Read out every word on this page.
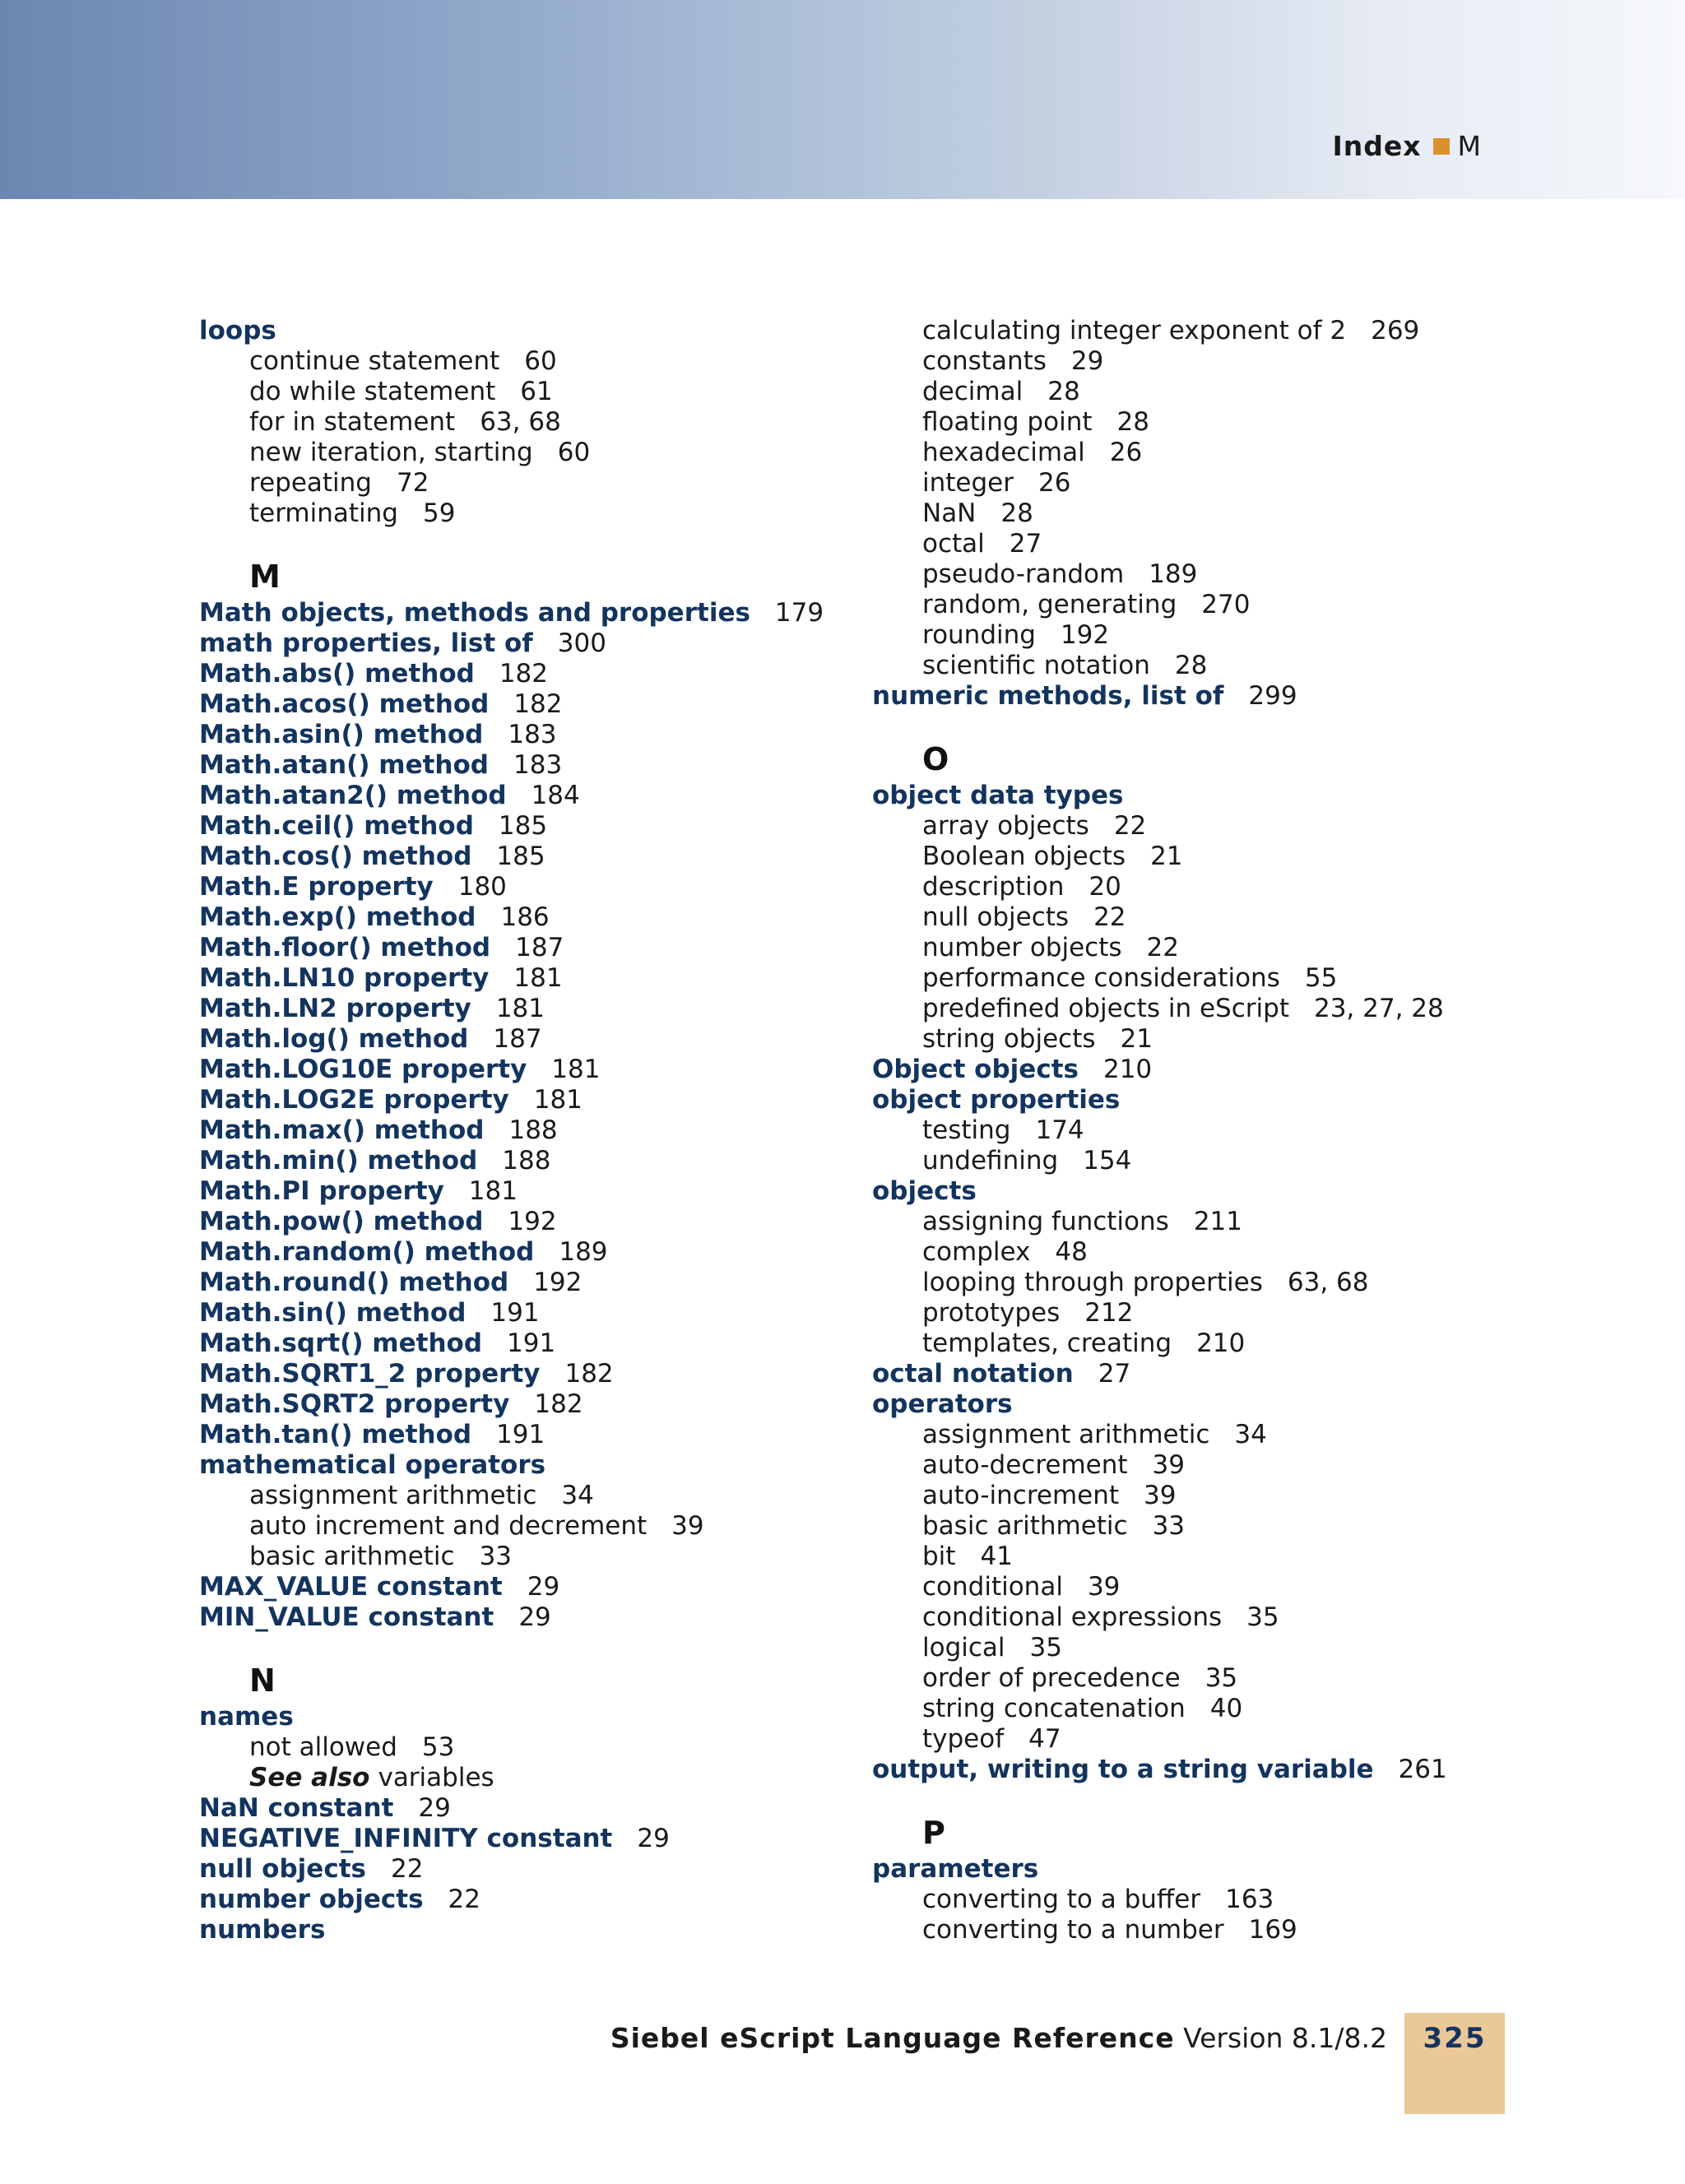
Index M
loops
continue statement 60
do while statement 61
for in statement 63, 68
new iteration, starting 60
repeating 72
terminating 59
M
Math objects, methods and properties 179
math properties, list of 300
Math.abs() method 182
Math.acos() method 182
Math.asin() method 183
Math.atan() method 183
Math.atan2() method 184
Math.ceil() method 185
Math.cos() method 185
Math.E property 180
Math.exp() method 186
Math.floor() method 187
Math.LN10 property 181
Math.LN2 property 181
Math.log() method 187
Math.LOG10E property 181
Math.LOG2E property 181
Math.max() method 188
Math.min() method 188
Math.PI property 181
Math.pow() method 192
Math.random() method 189
Math.round() method 192
Math.sin() method 191
Math.sqrt() method 191
Math.SQRT1_2 property 182
Math.SQRT2 property 182
Math.tan() method 191
mathematical operators
assignment arithmetic 34
auto increment and decrement 39
basic arithmetic 33
MAX_VALUE constant 29
MIN_VALUE constant 29
N
names
not allowed 53
See also variables
NaN constant 29
NEGATIVE_INFINITY constant 29
null objects 22
number objects 22
numbers
calculating integer exponent of 2 269
constants 29
decimal 28
floating point 28
hexadecimal 26
integer 26
NaN 28
octal 27
pseudo-random 189
random, generating 270
rounding 192
scientific notation 28
numeric methods, list of 299
O
object data types
array objects 22
Boolean objects 21
description 20
null objects 22
number objects 22
performance considerations 55
predefined objects in eScript 23, 27, 28
string objects 21
Object objects 210
object properties
testing 174
undefining 154
objects
assigning functions 211
complex 48
looping through properties 63, 68
prototypes 212
templates, creating 210
octal notation 27
operators
assignment arithmetic 34
auto-decrement 39
auto-increment 39
basic arithmetic 33
bit 41
conditional 39
conditional expressions 35
logical 35
order of precedence 35
string concatenation 40
typeof 47
output, writing to a string variable 261
P
parameters
converting to a buffer 163
converting to a number 169
Siebel eScript Language Reference Version 8.1/8.2	325
